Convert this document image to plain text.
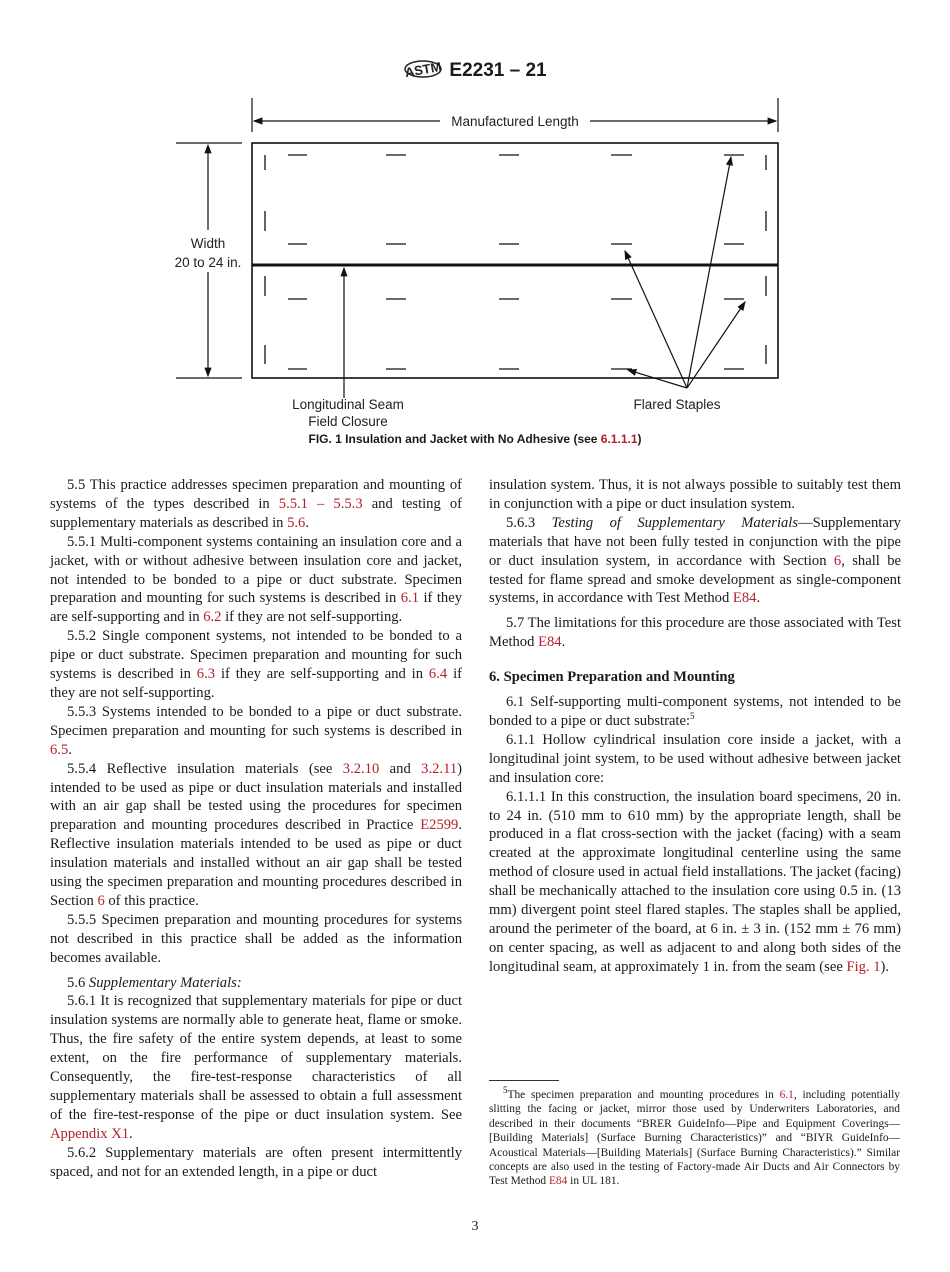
ASTM E2231 – 21
Manufactured Length
Width
20 to 24 in.
Longitudinal Seam
Field Closure
Flared Staples
FIG. 1 Insulation and Jacket with No Adhesive (see 6.1.1.1)

5.5 This practice addresses specimen preparation and mounting of systems of the types described in 5.5.1 – 5.5.3 and testing of supplementary materials as described in 5.6.

5.5.1 Multi-component systems containing an insulation core and a jacket, with or without adhesive between insulation core and jacket, not intended to be bonded to a pipe or duct substrate. Specimen preparation and mounting for such systems is described in 6.1 if they are self-supporting and in 6.2 if they are not self-supporting.

5.5.2 Single component systems, not intended to be bonded to a pipe or duct substrate. Specimen preparation and mounting for such systems is described in 6.3 if they are self-supporting and in 6.4 if they are not self-supporting.

5.5.3 Systems intended to be bonded to a pipe or duct substrate. Specimen preparation and mounting for such systems is described in 6.5.

5.5.4 Reflective insulation materials (see 3.2.10 and 3.2.11) intended to be used as pipe or duct insulation materials and installed with an air gap shall be tested using the procedures for specimen preparation and mounting procedures described in Practice E2599. Reflective insulation materials intended to be used as pipe or duct insulation materials and installed without an air gap shall be tested using the specimen preparation and mounting procedures described in Section 6 of this practice.

5.5.5 Specimen preparation and mounting procedures for systems not described in this practice shall be added as the information becomes available.

5.6 Supplementary Materials:

5.6.1 It is recognized that supplementary materials for pipe or duct insulation systems are normally able to generate heat, flame or smoke. Thus, the fire safety of the entire system depends, at least to some extent, on the fire performance of supplementary materials. Consequently, the fire-test-response characteristics of all supplementary materials shall be assessed to obtain a full assessment of the fire-test-response of the pipe or duct insulation system. See Appendix X1.

5.6.2 Supplementary materials are often present intermittently spaced, and not for an extended length, in a pipe or duct

insulation system. Thus, it is not always possible to suitably test them in conjunction with a pipe or duct insulation system.

5.6.3 Testing of Supplementary Materials—Supplementary materials that have not been fully tested in conjunction with the pipe or duct insulation system, in accordance with Section 6, shall be tested for flame spread and smoke development as single-component systems, in accordance with Test Method E84.

5.7 The limitations for this procedure are those associated with Test Method E84.

6. Specimen Preparation and Mounting

6.1 Self-supporting multi-component systems, not intended to be bonded to a pipe or duct substrate:$^5$

6.1.1 Hollow cylindrical insulation core inside a jacket, with a longitudinal joint system, to be used without adhesive between jacket and insulation core:

6.1.1.1 In this construction, the insulation board specimens, 20 in. to 24 in. (510 mm to 610 mm) by the appropriate length, shall be produced in a flat cross-section with the jacket (facing) with a seam created at the approximate longitudinal centerline using the same method of closure used in actual field installations. The jacket (facing) shall be mechanically attached to the insulation core using 0.5 in. (13 mm) divergent point steel flared staples. The staples shall be applied, around the perimeter of the board, at 6 in. ± 3 in. (152 mm ± 76 mm) on center spacing, as well as adjacent to and along both sides of the longitudinal seam, at approximately 1 in. from the seam (see Fig. 1).

$^5$The specimen preparation and mounting procedures in 6.1, including potentially slitting the facing or jacket, mirror those used by Underwriters Laboratories, and described in their documents “BRER GuideInfo—Pipe and Equipment Coverings—[Building Materials] (Surface Burning Characteristics)” and “BIYR GuideInfo—Acoustical Materials—[Building Materials] (Surface Burning Characteristics).” Similar concepts are also used in the testing of Factory-made Air Ducts and Air Connectors by Test Method E84 in UL 181.

3
